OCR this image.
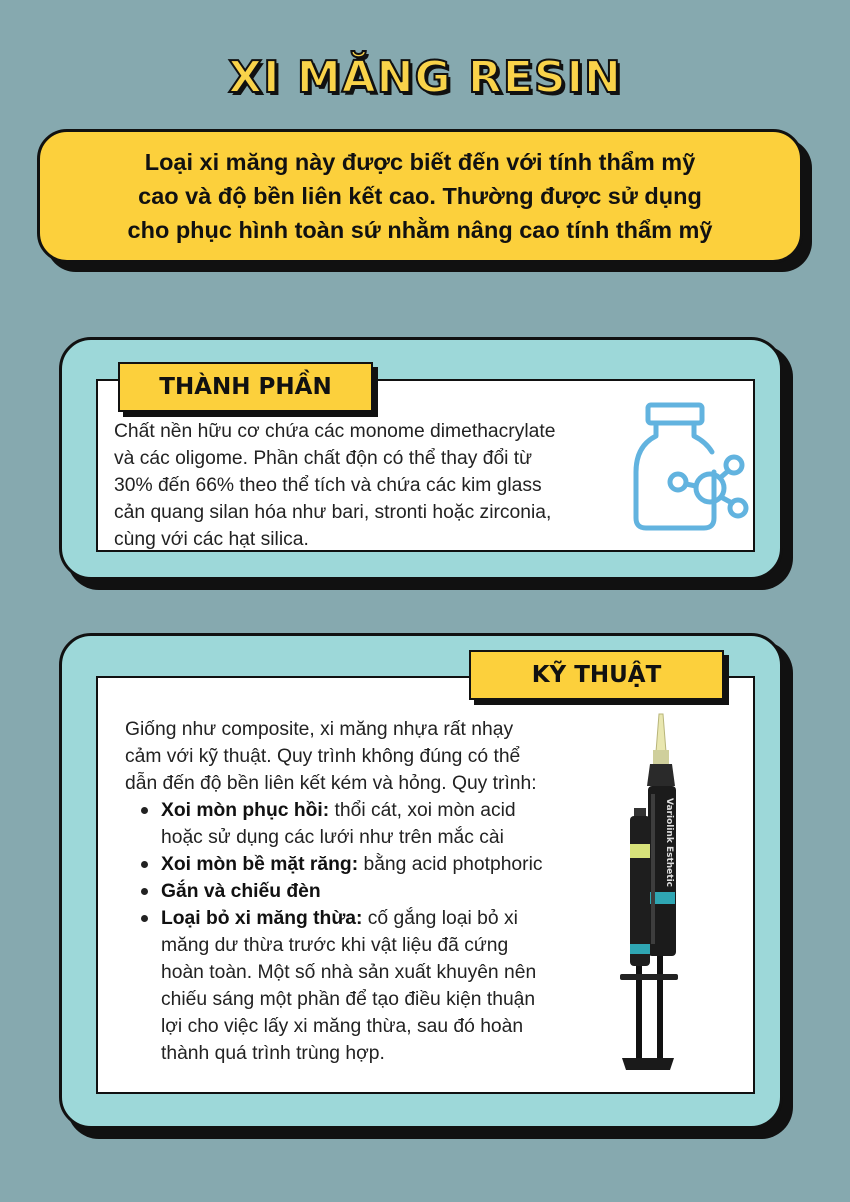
XI MĂNG RESIN
Loại xi măng này được biết đến với tính thẩm mỹ
cao và độ bền liên kết cao. Thường được sử dụng
cho phục hình toàn sứ nhằm nâng cao tính thẩm mỹ
THÀNH PHẦN
Chất nền hữu cơ chứa các monome dimethacrylate
và các oligome. Phần chất độn có thể thay đổi từ
30% đến 66% theo thể tích và chứa các kim glass
cản quang silan hóa như bari, stronti hoặc zirconia,
cùng với các hạt silica.
KỸ THUẬT
Giống như composite, xi măng nhựa rất nhạy
cảm với kỹ thuật. Quy trình không đúng có thể
dẫn đến độ bền liên kết kém và hỏng. Quy trình:
Xoi mòn phục hồi: thổi cát, xoi mòn acid
hoặc sử dụng các lưới như trên mắc cài
Xoi mòn bề mặt răng: bằng acid photphoric
Gắn và chiếu đèn
Loại bỏ xi măng thừa: cố gắng loại bỏ xi
măng dư thừa trước khi vật liệu đã cứng
hoàn toàn. Một số nhà sản xuất khuyên nên
chiếu sáng một phần để tạo điều kiện thuận
lợi cho việc lấy xi măng thừa, sau đó hoàn
thành quá trình trùng hợp.
Variolink Esthetic
